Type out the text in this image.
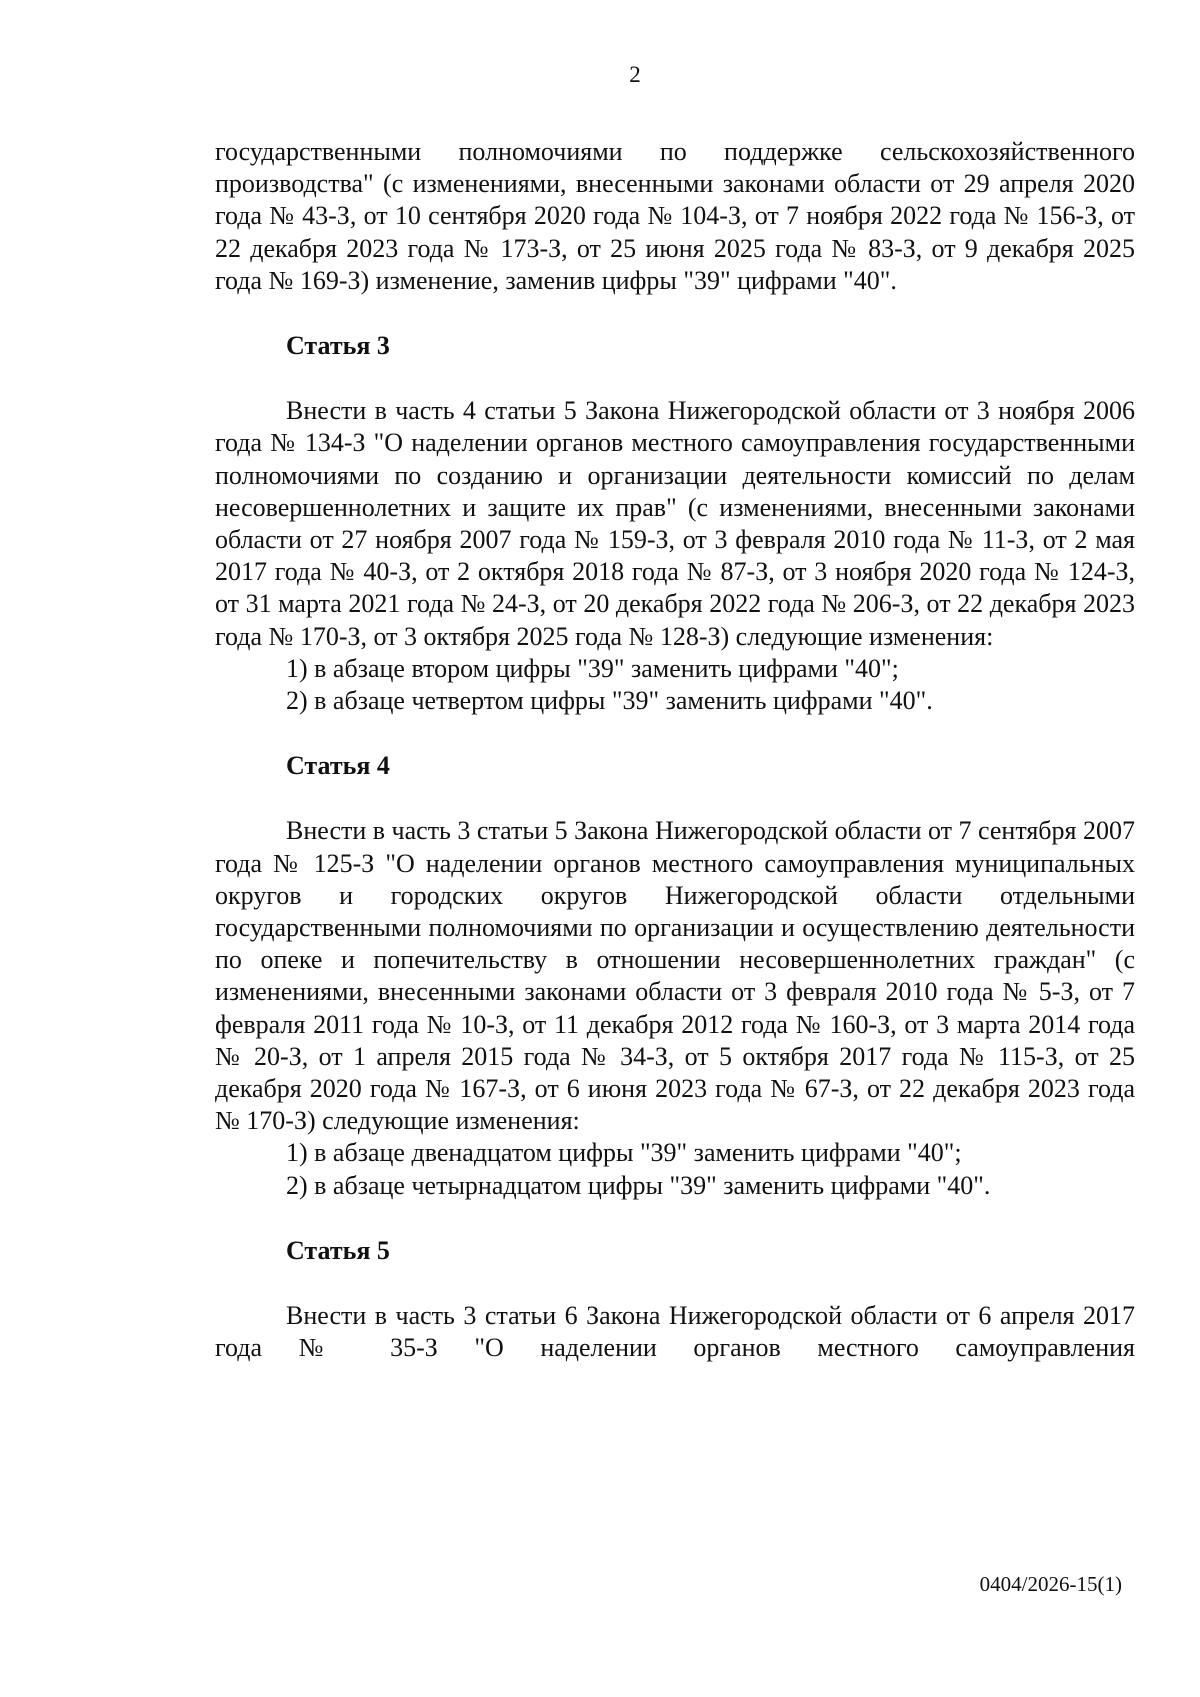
2

государственными полномочиями по поддержке сельскохозяйственного производства" (с изменениями, внесенными законами области от 29 апреля 2020 года № 43-З, от 10 сентября 2020 года № 104-З, от 7 ноября 2022 года № 156-З, от 22 декабря 2023 года № 173-З, от 25 июня 2025 года № 83-З, от 9 декабря 2025 года № 169-З) изменение, заменив цифры "39" цифрами "40".

Статья 3

Внести в часть 4 статьи 5 Закона Нижегородской области от 3 ноября 2006 года № 134-З "О наделении органов местного самоуправления государственными полномочиями по созданию и организации деятельности комиссий по делам несовершеннолетних и защите их прав" (с изменениями, внесенными законами области от 27 ноября 2007 года № 159-З, от 3 февраля 2010 года № 11-З, от 2 мая 2017 года № 40-З, от 2 октября 2018 года № 87-З, от 3 ноября 2020 года № 124-З, от 31 марта 2021 года № 24-З, от 20 декабря 2022 года № 206-З, от 22 декабря 2023 года № 170-З, от 3 октября 2025 года № 128-З) следующие изменения:

1) в абзаце втором цифры "39" заменить цифрами "40";

2) в абзаце четвертом цифры "39" заменить цифрами "40".

Статья 4

Внести в часть 3 статьи 5 Закона Нижегородской области от 7 сентября 2007 года № 125-З "О наделении органов местного самоуправления муниципальных округов и городских округов Нижегородской области отдельными государственными полномочиями по организации и осуществлению деятельности по опеке и попечительству в отношении несовершеннолетних граждан" (с изменениями, внесенными законами области от 3 февраля 2010 года № 5-З, от 7 февраля 2011 года № 10-З, от 11 декабря 2012 года № 160-З, от 3 марта 2014 года № 20-З, от 1 апреля 2015 года № 34-З, от 5 октября 2017 года № 115-З, от 25 декабря 2020 года № 167-З, от 6 июня 2023 года № 67-З, от 22 декабря 2023 года № 170-З) следующие изменения:

1) в абзаце двенадцатом цифры "39" заменить цифрами "40";

2) в абзаце четырнадцатом цифры "39" заменить цифрами "40".

Статья 5

Внести в часть 3 статьи 6 Закона Нижегородской области от 6 апреля 2017 года № 35-З "О наделении органов местного самоуправления

0404/2026-15(1)
